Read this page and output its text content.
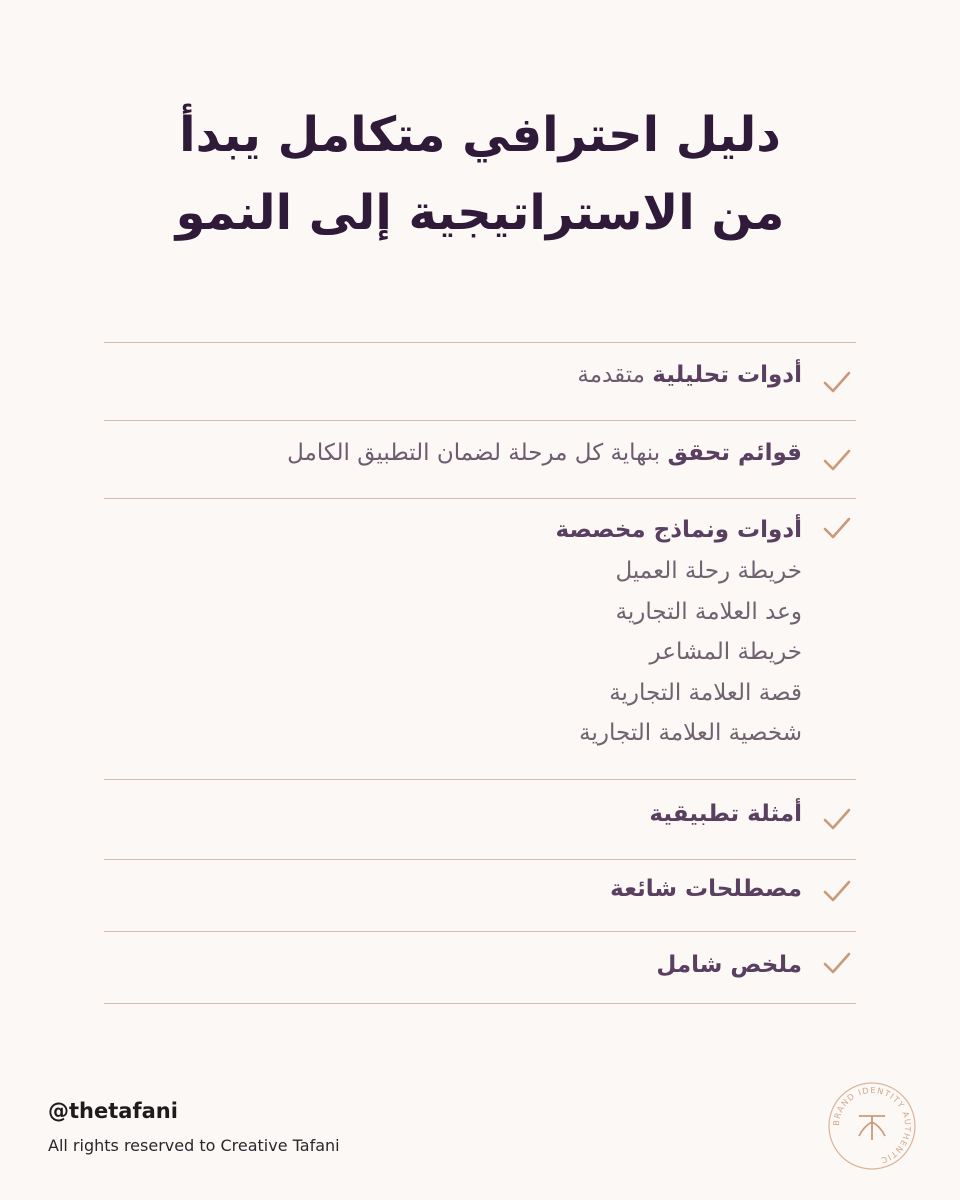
دليل احترافي متكامل يبدأ
من الاستراتيجية إلى النمو
أدوات تحليلية متقدمة
قوائم تحقق بنهاية كل مرحلة لضمان التطبيق الكامل
أدوات ونماذج مخصصة
خريطة رحلة العميل
وعد العلامة التجارية
خريطة المشاعر
قصة العلامة التجارية
شخصية العلامة التجارية
أمثلة تطبيقية
مصطلحات شائعة
ملخص شامل
@thetafani
All rights reserved to Creative Tafani
BRAND IDENTITY AUTHENTIC
